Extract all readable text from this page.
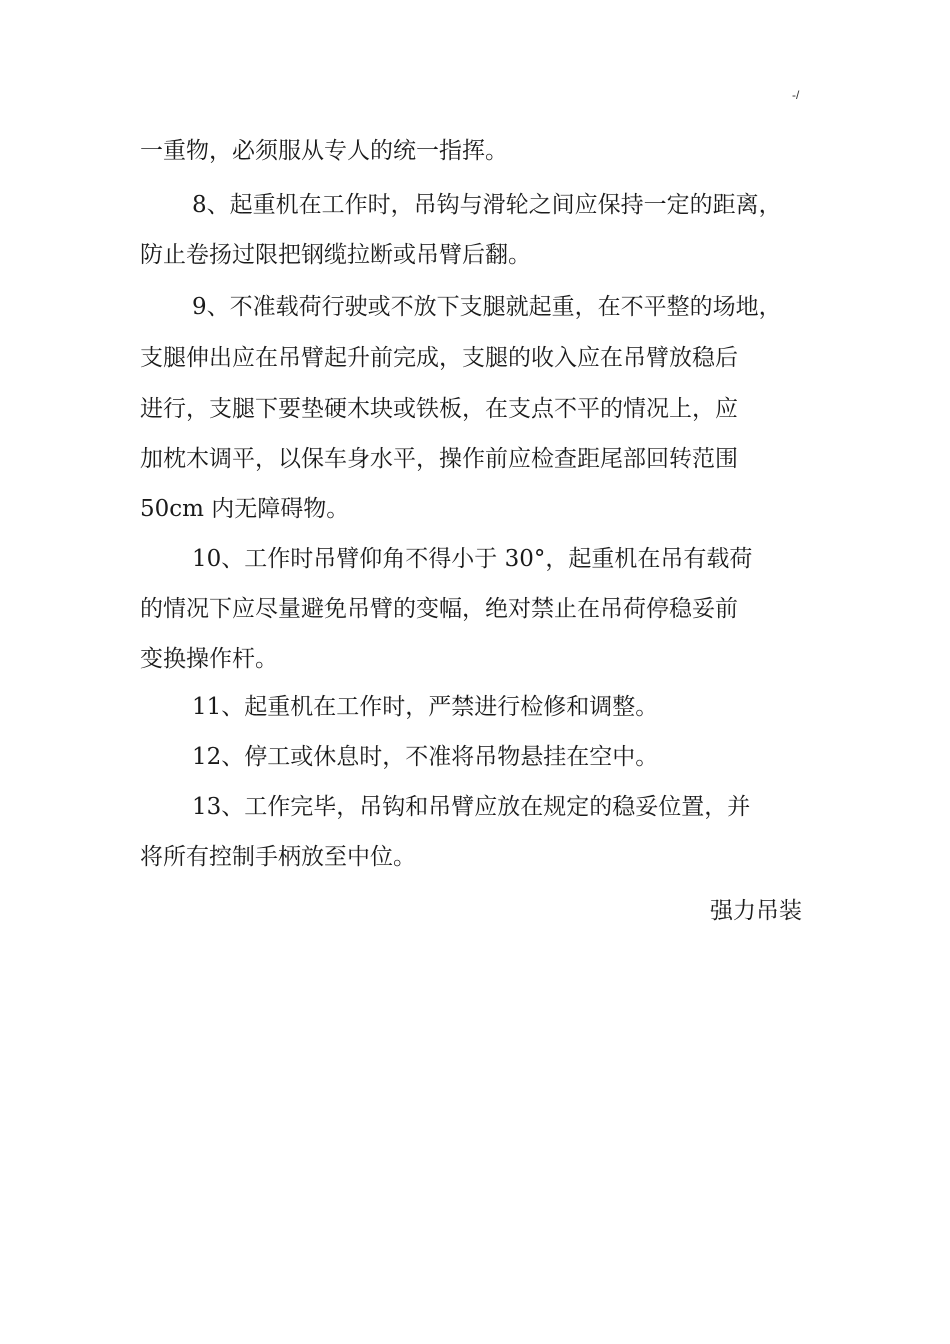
-/
一重物，必须服从专人的统一指挥。
8、起重机在工作时，吊钩与滑轮之间应保持一定的距离，
防止卷扬过限把钢缆拉断或吊臂后翻。
9、不准载荷行驶或不放下支腿就起重，在不平整的场地，
支腿伸出应在吊臂起升前完成，支腿的收入应在吊臂放稳后
进行，支腿下要垫硬木块或铁板，在支点不平的情况上，应
加枕木调平，以保车身水平，操作前应检查距尾部回转范围
50cm 内无障碍物。
10、工作时吊臂仰角不得小于 30°，起重机在吊有载荷
的情况下应尽量避免吊臂的变幅，绝对禁止在吊荷停稳妥前
变换操作杆。
11、起重机在工作时，严禁进行检修和调整。
12、停工或休息时，不准将吊物悬挂在空中。
13、工作完毕，吊钩和吊臂应放在规定的稳妥位置，并
将所有控制手柄放至中位。
强力吊装
